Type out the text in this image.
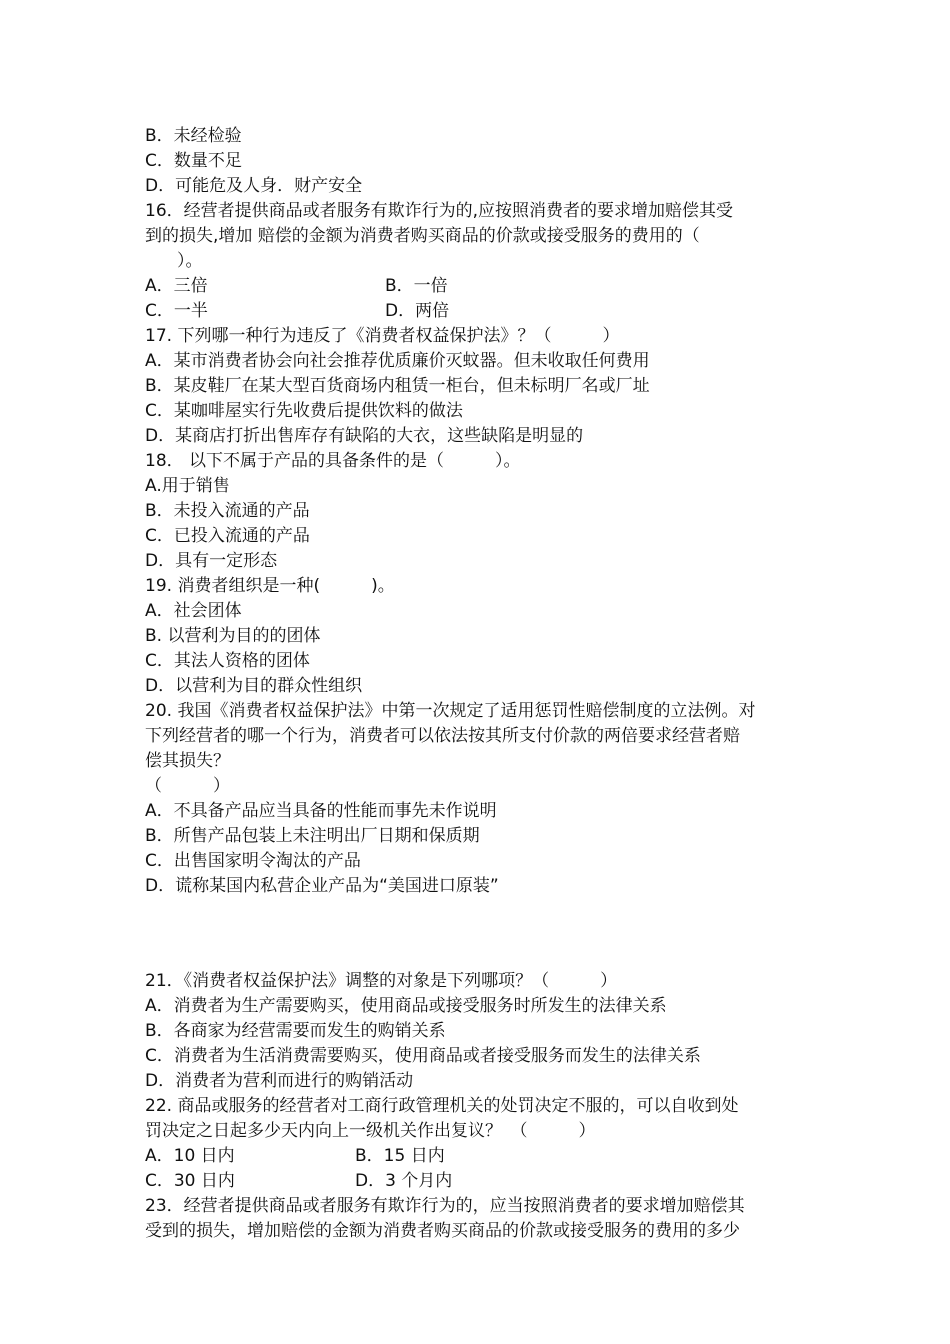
B．未经检验
C．数量不足
D．可能危及人身．财产安全
16．经营者提供商品或者服务有欺诈行为的,应按照消费者的要求增加赔偿其受
到的损失,增加 赔偿的金额为消费者购买商品的价款或接受服务的费用的（
）。
A．三倍	B．一倍
C．一半	D．两倍
17. 下列哪一种行为违反了《消费者权益保护法》？（　　　）
A．某市消费者协会向社会推荐优质廉价灭蚊器。但未收取任何费用
B．某皮鞋厂在某大型百货商场内租赁一柜台，但未标明厂名或厂址
C．某咖啡屋实行先收费后提供饮料的做法
D．某商店打折出售库存有缺陷的大衣，这些缺陷是明显的
18． 以下不属于产品的具备条件的是（　　　）。
A.用于销售
B．未投入流通的产品
C．已投入流通的产品
D．具有一定形态
19. 消费者组织是一种(　　　)。
A．社会团体
B. 以营利为目的的团体
C．其法人资格的团体
D．以营利为目的群众性组织
20. 我国《消费者权益保护法》中第一次规定了适用惩罚性赔偿制度的立法例。对
下列经营者的哪一个行为，消费者可以依法按其所支付价款的两倍要求经营者赔
偿其损失？
（　　　）
A．不具备产品应当具备的性能而事先未作说明
B．所售产品包装上未注明出厂日期和保质期
C．出售国家明令淘汰的产品
D．谎称某国内私营企业产品为“美国进口原装”
21．《消费者权益保护法》调整的对象是下列哪项？（　　　）
A．消费者为生产需要购买，使用商品或接受服务时所发生的法律关系
B．各商家为经营需要而发生的购销关系
C．消费者为生活消费需要购买，使用商品或者接受服务而发生的法律关系
D．消费者为营利而进行的购销活动
22. 商品或服务的经营者对工商行政管理机关的处罚决定不服的，可以自收到处
罚决定之日起多少天内向上一级机关作出复议？　（　　　）
A．10 日内	B．15 日内
C．30 日内	D．3 个月内
23．经营者提供商品或者服务有欺诈行为的，应当按照消费者的要求增加赔偿其
受到的损失，增加赔偿的金额为消费者购买商品的价款或接受服务的费用的多少
